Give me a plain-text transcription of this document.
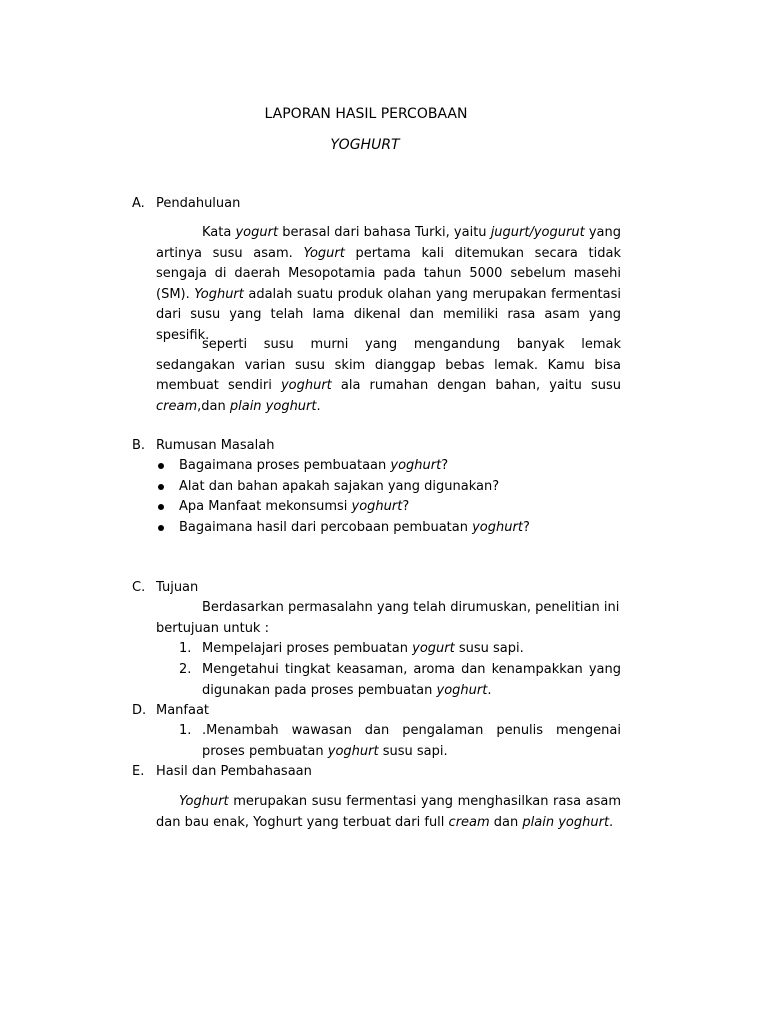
LAPORAN HASIL PERCOBAAN
YOGHURT
A. Pendahuluan
Kata yogurt berasal dari bahasa Turki, yaitu jugurt/yogurut yang artinya susu asam. Yogurt pertama kali ditemukan secara tidak sengaja di daerah Mesopotamia pada tahun 5000 sebelum masehi (SM). Yoghurt adalah suatu produk olahan yang merupakan fermentasi dari susu yang telah lama dikenal dan memiliki rasa asam yang spesifik.
seperti susu murni yang mengandung banyak lemak sedangakan varian susu skim dianggap bebas lemak. Kamu bisa membuat sendiri yoghurt ala rumahan dengan bahan, yaitu susu cream,dan plain yoghurt.
B. Rumusan Masalah
Bagaimana proses pembuataan yoghurt?
Alat dan bahan apakah sajakan yang digunakan?
Apa Manfaat mekonsumsi yoghurt?
Bagaimana hasil dari percobaan pembuatan yoghurt?
C. Tujuan
Berdasarkan permasalahn yang telah dirumuskan, penelitian ini bertujuan untuk :
1. Mempelajari proses pembuatan yogurt susu sapi.
2. Mengetahui tingkat keasaman, aroma dan kenampakkan yang digunakan pada proses pembuatan yoghurt.
D. Manfaat
1. .Menambah wawasan dan pengalaman penulis mengenai proses pembuatan yoghurt susu sapi.
E. Hasil dan Pembahasaan
Yoghurt merupakan susu fermentasi yang menghasilkan rasa asam dan bau enak, Yoghurt yang terbuat dari full cream dan plain yoghurt.
